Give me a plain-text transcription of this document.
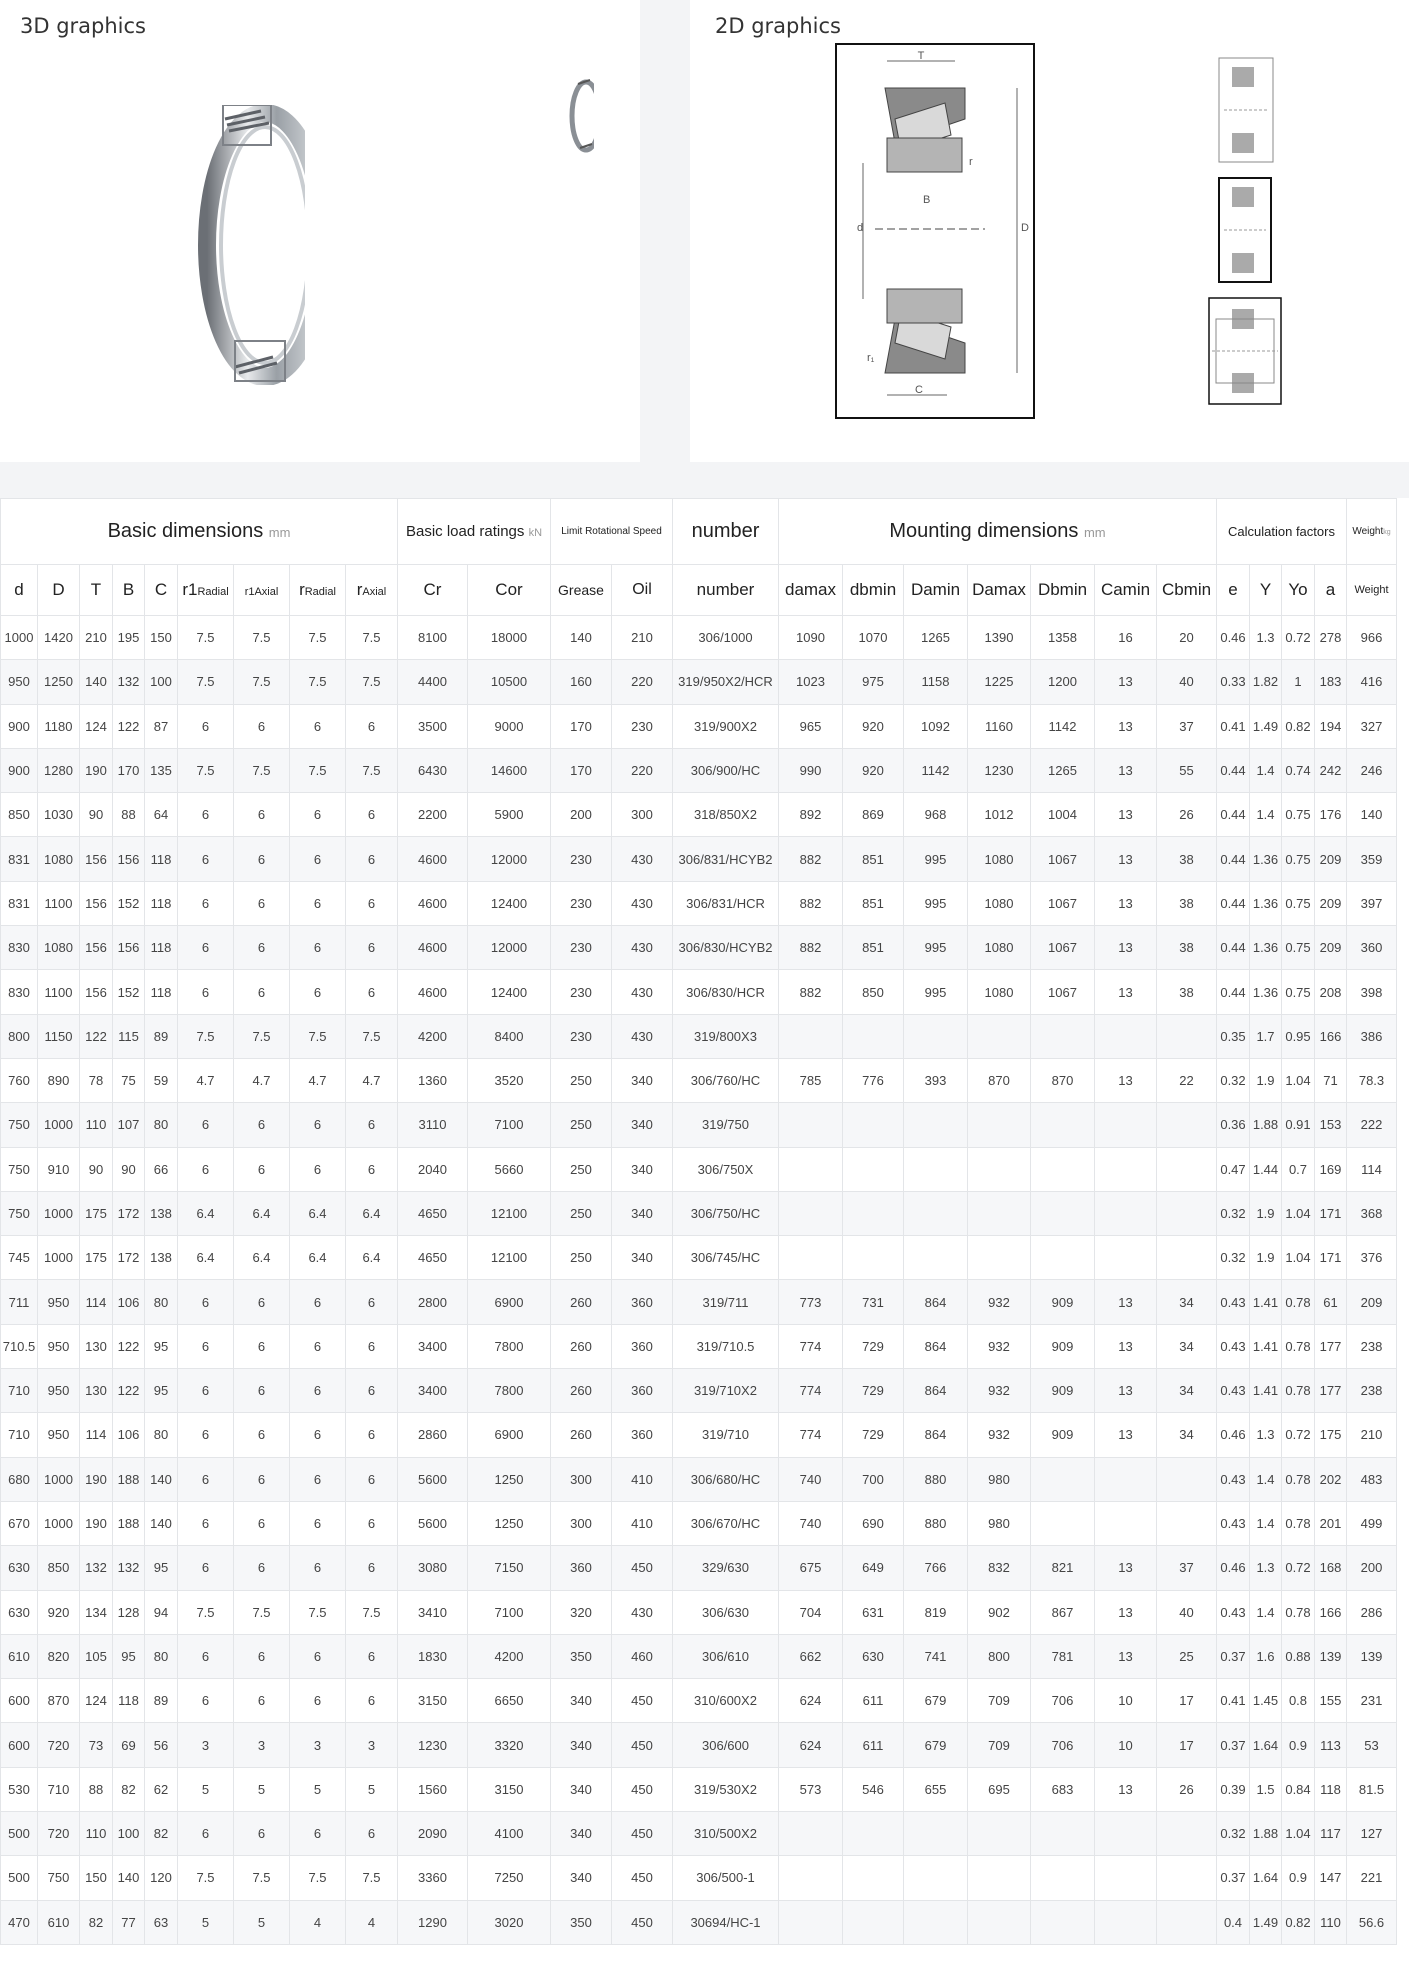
3D graphics	2D graphics
T
d	D
B
C
r
r₁
Basic dimensions mm									Basic load ratings kN		Limit Rotational Speed		number	Mounting dimensions mm							Calculation factors				Weightkg
d	D	T	B	C	r1Radial	r1Axial	rRadial	rAxial	Cr	Cor	Grease	Oil	number	damax	dbmin	Damin	Damax	Dbmin	Camin	Cbmin	e	Y	Yo	a	Weight
1000	1420	210	195	150	7.5	7.5	7.5	7.5	8100	18000	140	210	306/1000	1090	1070	1265	1390	1358	16	20	0.46	1.3	0.72	278	966
950	1250	140	132	100	7.5	7.5	7.5	7.5	4400	10500	160	220	319/950X2/HCR	1023	975	1158	1225	1200	13	40	0.33	1.82	1	183	416
900	1180	124	122	87	6	6	6	6	3500	9000	170	230	319/900X2	965	920	1092	1160	1142	13	37	0.41	1.49	0.82	194	327
900	1280	190	170	135	7.5	7.5	7.5	7.5	6430	14600	170	220	306/900/HC	990	920	1142	1230	1265	13	55	0.44	1.4	0.74	242	246
850	1030	90	88	64	6	6	6	6	2200	5900	200	300	318/850X2	892	869	968	1012	1004	13	26	0.44	1.4	0.75	176	140
831	1080	156	156	118	6	6	6	6	4600	12000	230	430	306/831/HCYB2	882	851	995	1080	1067	13	38	0.44	1.36	0.75	209	359
831	1100	156	152	118	6	6	6	6	4600	12400	230	430	306/831/HCR	882	851	995	1080	1067	13	38	0.44	1.36	0.75	209	397
830	1080	156	156	118	6	6	6	6	4600	12000	230	430	306/830/HCYB2	882	851	995	1080	1067	13	38	0.44	1.36	0.75	209	360
830	1100	156	152	118	6	6	6	6	4600	12400	230	430	306/830/HCR	882	850	995	1080	1067	13	38	0.44	1.36	0.75	208	398
800	1150	122	115	89	7.5	7.5	7.5	7.5	4200	8400	230	430	319/800X3								0.35	1.7	0.95	166	386
760	890	78	75	59	4.7	4.7	4.7	4.7	1360	3520	250	340	306/760/HC	785	776	393	870	870	13	22	0.32	1.9	1.04	71	78.3
750	1000	110	107	80	6	6	6	6	3110	7100	250	340	319/750								0.36	1.88	0.91	153	222
750	910	90	90	66	6	6	6	6	2040	5660	250	340	306/750X								0.47	1.44	0.7	169	114
750	1000	175	172	138	6.4	6.4	6.4	6.4	4650	12100	250	340	306/750/HC								0.32	1.9	1.04	171	368
745	1000	175	172	138	6.4	6.4	6.4	6.4	4650	12100	250	340	306/745/HC								0.32	1.9	1.04	171	376
711	950	114	106	80	6	6	6	6	2800	6900	260	360	319/711	773	731	864	932	909	13	34	0.43	1.41	0.78	61	209
710.5	950	130	122	95	6	6	6	6	3400	7800	260	360	319/710.5	774	729	864	932	909	13	34	0.43	1.41	0.78	177	238
710	950	130	122	95	6	6	6	6	3400	7800	260	360	319/710X2	774	729	864	932	909	13	34	0.43	1.41	0.78	177	238
710	950	114	106	80	6	6	6	6	2860	6900	260	360	319/710	774	729	864	932	909	13	34	0.46	1.3	0.72	175	210
680	1000	190	188	140	6	6	6	6	5600	1250	300	410	306/680/HC	740	700	880	980				0.43	1.4	0.78	202	483
670	1000	190	188	140	6	6	6	6	5600	1250	300	410	306/670/HC	740	690	880	980				0.43	1.4	0.78	201	499
630	850	132	132	95	6	6	6	6	3080	7150	360	450	329/630	675	649	766	832	821	13	37	0.46	1.3	0.72	168	200
630	920	134	128	94	7.5	7.5	7.5	7.5	3410	7100	320	430	306/630	704	631	819	902	867	13	40	0.43	1.4	0.78	166	286
610	820	105	95	80	6	6	6	6	1830	4200	350	460	306/610	662	630	741	800	781	13	25	0.37	1.6	0.88	139	139
600	870	124	118	89	6	6	6	6	3150	6650	340	450	310/600X2	624	611	679	709	706	10	17	0.41	1.45	0.8	155	231
600	720	73	69	56	3	3	3	3	1230	3320	340	450	306/600	624	611	679	709	706	10	17	0.37	1.64	0.9	113	53
530	710	88	82	62	5	5	5	5	1560	3150	340	450	319/530X2	573	546	655	695	683	13	26	0.39	1.5	0.84	118	81.5
500	720	110	100	82	6	6	6	6	2090	4100	340	450	310/500X2								0.32	1.88	1.04	117	127
500	750	150	140	120	7.5	7.5	7.5	7.5	3360	7250	340	450	306/500-1								0.37	1.64	0.9	147	221
470	610	82	77	63	5	5	4	4	1290	3020	350	450	30694/HC-1								0.4	1.49	0.82	110	56.6
